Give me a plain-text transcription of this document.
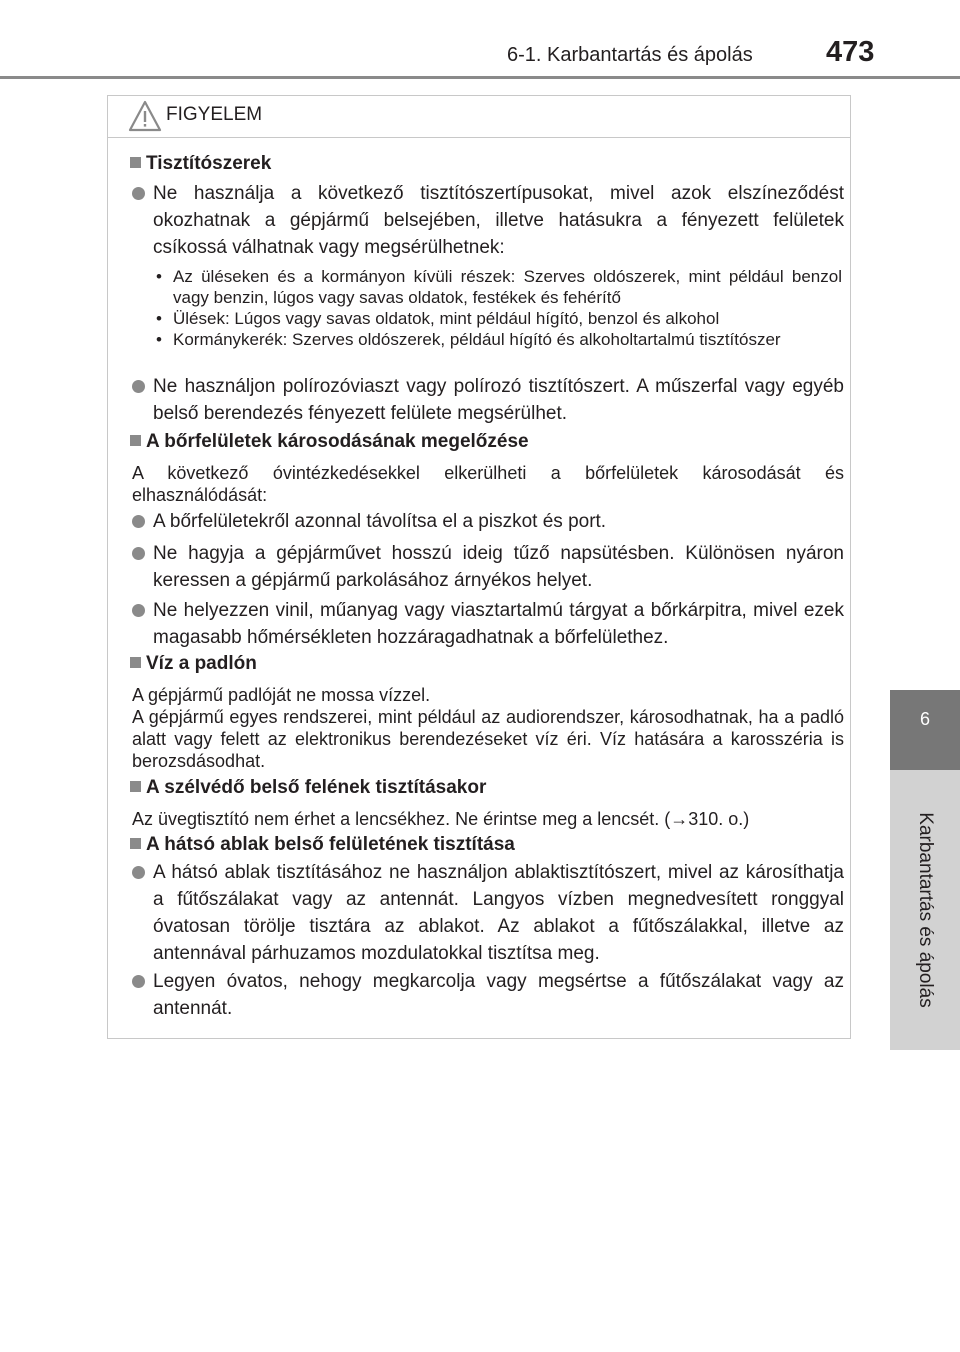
6-1. Karbantartás és ápolás	473
6
Karbantartás és ápolás
FIGYELEM
Tisztítószerek
Ne használja a következő tisztítószertípusokat, mivel azok elszíneződést okozhatnak a gépjármű belsejében, illetve hatásukra a fényezett felületek csíkossá válhatnak vagy megsérülhetnek:
• Az üléseken és a kormányon kívüli részek: Szerves oldószerek, mint például benzol vagy benzin, lúgos vagy savas oldatok, festékek és fehérítő
• Ülések: Lúgos vagy savas oldatok, mint például hígító, benzol és alkohol
• Kormánykerék: Szerves oldószerek, például hígító és alkoholtartalmú tisztítószer
Ne használjon polírozóviaszt vagy polírozó tisztítószert. A műszerfal vagy egyéb belső berendezés fényezett felülete megsérülhet.
A bőrfelületek károsodásának megelőzése
A következő óvintézkedésekkel elkerülheti a bőrfelületek károsodását és elhasználódását:
A bőrfelületekről azonnal távolítsa el a piszkot és port.
Ne hagyja a gépjárművet hosszú ideig tűző napsütésben. Különösen nyáron keressen a gépjármű parkolásához árnyékos helyet.
Ne helyezzen vinil, műanyag vagy viasztartalmú tárgyat a bőrkárpitra, mivel ezek magasabb hőmérsékleten hozzáragadhatnak a bőrfelülethez.
Víz a padlón
A gépjármű padlóját ne mossa vízzel.
A gépjármű egyes rendszerei, mint például az audiorendszer, károsodhatnak, ha a padló alatt vagy felett az elektronikus berendezéseket víz éri. Víz hatására a karosszéria is berozsdásodhat.
A szélvédő belső felének tisztításakor
Az üvegtisztító nem érhet a lencsékhez. Ne érintse meg a lencsét. (→310. o.)
A hátsó ablak belső felületének tisztítása
A hátsó ablak tisztításához ne használjon ablaktisztítószert, mivel az károsíthatja a fűtőszálakat vagy az antennát. Langyos vízben megnedvesített ronggyal óvatosan törölje tisztára az ablakot. Az ablakot a fűtőszálakkal, illetve az antennával párhuzamos mozdulatokkal tisztítsa meg.
Legyen óvatos, nehogy megkarcolja vagy megsértse a fűtőszálakat vagy az antennát.
